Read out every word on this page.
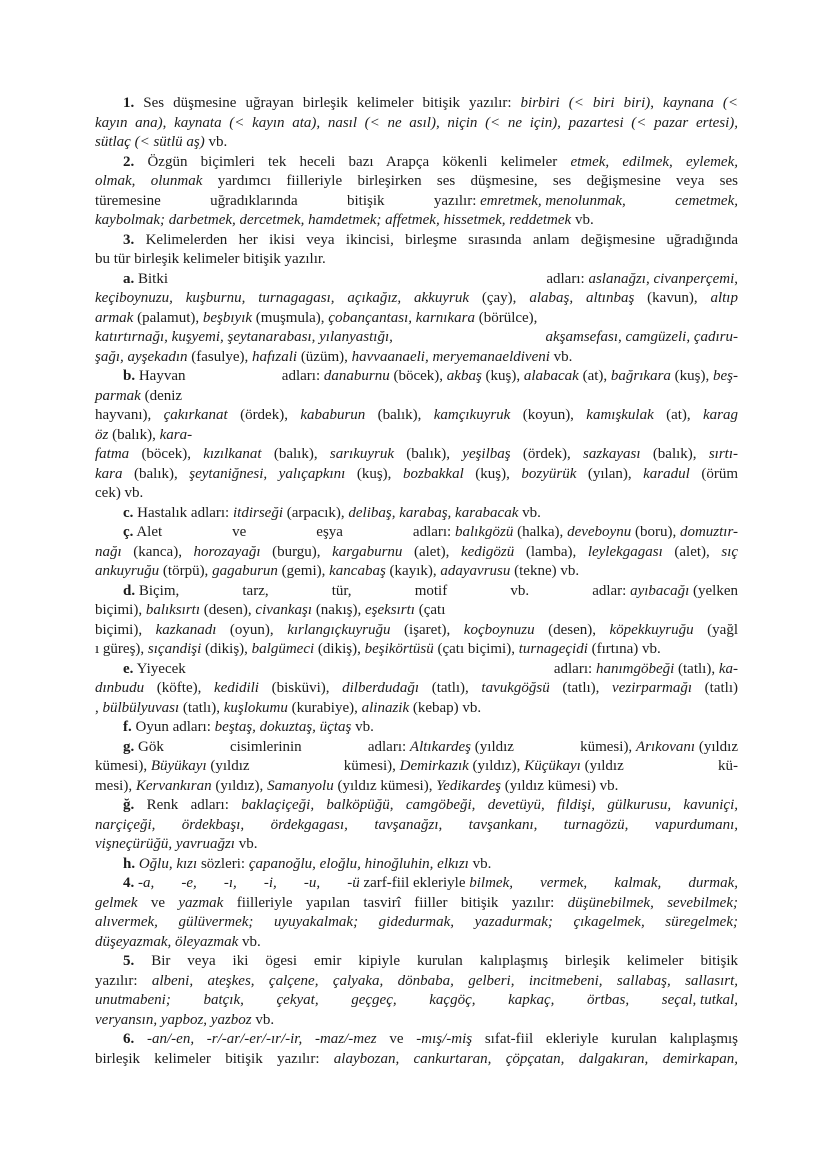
1. Ses düşmesine uğrayan birleşik kelimeler bitişik yazılır: birbiri (< biri biri), kaynana (<
kayın ana), kaynata (< kayın ata), nasıl (< ne asıl), niçin (< ne için), pazartesi (< pazar ertesi),
sütlaç (< sütlü aş) vb.
2. Özgün biçimleri tek heceli bazı Arapça kökenli kelimeler etmek, edilmek, eylemek,
olmak, olunmak yardımcı fiilleriyle birleşirken ses düşmesine, ses değişmesine veya ses
türemesine	uğradıklarında	bitişik	yazılır: emretmek, menolunmak,	cemetmek,
kaybolmak; darbetmek, dercetmek, hamdetmek; affetmek, hissetmek, reddetmek vb.
3. Kelimelerden her ikisi veya ikincisi, birleşme sırasında anlam değişmesine uğradığında
bu tür birleşik kelimeler bitişik yazılır.
a. Bitki	adları: aslanağzı, civanperçemi,
keçiboynuzu, kuşburnu, turnagagası, açıkağız, akkuyruk (çay), alabaş, altınbaş (kavun), altıp
armak (palamut), beşbıyık (muşmula), çobançantası, karnıkara (börülce),
katırtırnağı, kuşyemi, şeytanarabası, yılanyastığı,	akşamsefası, camgüzeli, çadıru-
şağı, ayşekadın (fasulye), hafızali (üzüm), havvaanaeli, meryemanaeldiveni vb.
b. Hayvan	adları: danaburnu (böcek), akbaş (kuş), alabacak (at), bağrıkara (kuş), beş-
parmak (deniz
hayvanı), çakırkanat (ördek), kababurun (balık), kamçıkuyruk (koyun), kamışkulak (at), karag
öz (balık), kara-
fatma (böcek), kızılkanat (balık), sarıkuyruk (balık), yeşilbaş (ördek), sazkayası (balık), sırtı-
kara (balık), şeytaniğnesi, yalıçapkını (kuş), bozbakkal (kuş), bozyürük (yılan), karadul (örüm
cek) vb.
c. Hastalık adları: itdirseği (arpacık), delibaş, karabaş, karabacak vb.
ç. Alet	ve	eşya	adları: balıkgözü (halka), deveboynu (boru), domuztır-
nağı (kanca), horozayağı (burgu), kargaburnu (alet), kedigözü (lamba), leylekgagası (alet), sıç
ankuyruğu (törpü), gagaburun (gemi), kancabaş (kayık), adayavrusu (tekne) vb.
d. Biçim,	tarz,	tür,	motif	vb.	adlar: ayıbacağı (yelken
biçimi), balıksırtı (desen), civankaşı (nakış), eşeksırtı (çatı
biçimi), kazkanadı (oyun), kırlangıçkuyruğu (işaret), koçboynuzu (desen), köpekkuyruğu (yağl
ı güreş), sıçandişi (dikiş), balgümeci (dikiş), beşikörtüsü (çatı biçimi), turnageçidi (fırtına) vb.
e. Yiyecek	adları: hanımgöbeği (tatlı), ka-
dınbudu (köfte), kedidili (bisküvi), dilberdudağı (tatlı), tavukgöğsü (tatlı), vezirparmağı (tatlı)
, bülbülyuvası (tatlı), kuşlokumu (kurabiye), alinazik (kebap) vb.
f. Oyun adları: beştaş, dokuztaş, üçtaş vb.
g. Gök	cisimlerinin	adları: Altıkardeş (yıldız	kümesi), Arıkovanı (yıldız
kümesi), Büyükayı (yıldız	kümesi), Demirkazık (yıldız), Küçükayı (yıldız	kü-
mesi), Kervankıran (yıldız), Samanyolu (yıldız kümesi), Yedikardeş (yıldız kümesi) vb.
ğ. Renk adları: baklaçiçeği, balköpüğü, camgöbeği, devetüyü, fildişi, gülkurusu, kavuniçi,
narçiçeği, ördekbaşı, ördekgagası, tavşanağzı, tavşankanı, turnagözü, vapurdumanı,
vişneçürüğü, yavruağzı vb.
h. Oğlu, kızı sözleri: çapanoğlu, eloğlu, hinoğluhin, elkızı vb.
4. -a, -e, -ı, -i, -u, -ü zarf-fiil ekleriyle bilmek, vermek, kalmak, durmak,
gelmek ve yazmak fiilleriyle yapılan tasvirî fiiller bitişik yazılır: düşünebilmek, sevebilmek;
alıvermek, gülüvermek; uyuyakalmak; gidedurmak, yazadurmak; çıkagelmek, süregelmek;
düşeyazmak, öleyazmak vb.
5. Bir veya iki ögesi emir kipiyle kurulan kalıplaşmış birleşik kelimeler bitişik
yazılır: albeni, ateşkes, çalçene, çalyaka, dönbaba, gelberi, incitmebeni, sallabaş, sallasırt,
unutmabeni; batçık, çekyat, geçgeç, kaçgöç, kapkaç, örtbas, seçal, tutkal,
veryansın, yapboz, yazboz vb.
6. -an/-en, -r/-ar/-er/-ır/-ir, -maz/-mez ve -mış/-miş sıfat-fiil ekleriyle kurulan kalıplaşmış
birleşik kelimeler bitişik yazılır: alaybozan, cankurtaran, çöpçatan, dalgakıran, demirkapan,
